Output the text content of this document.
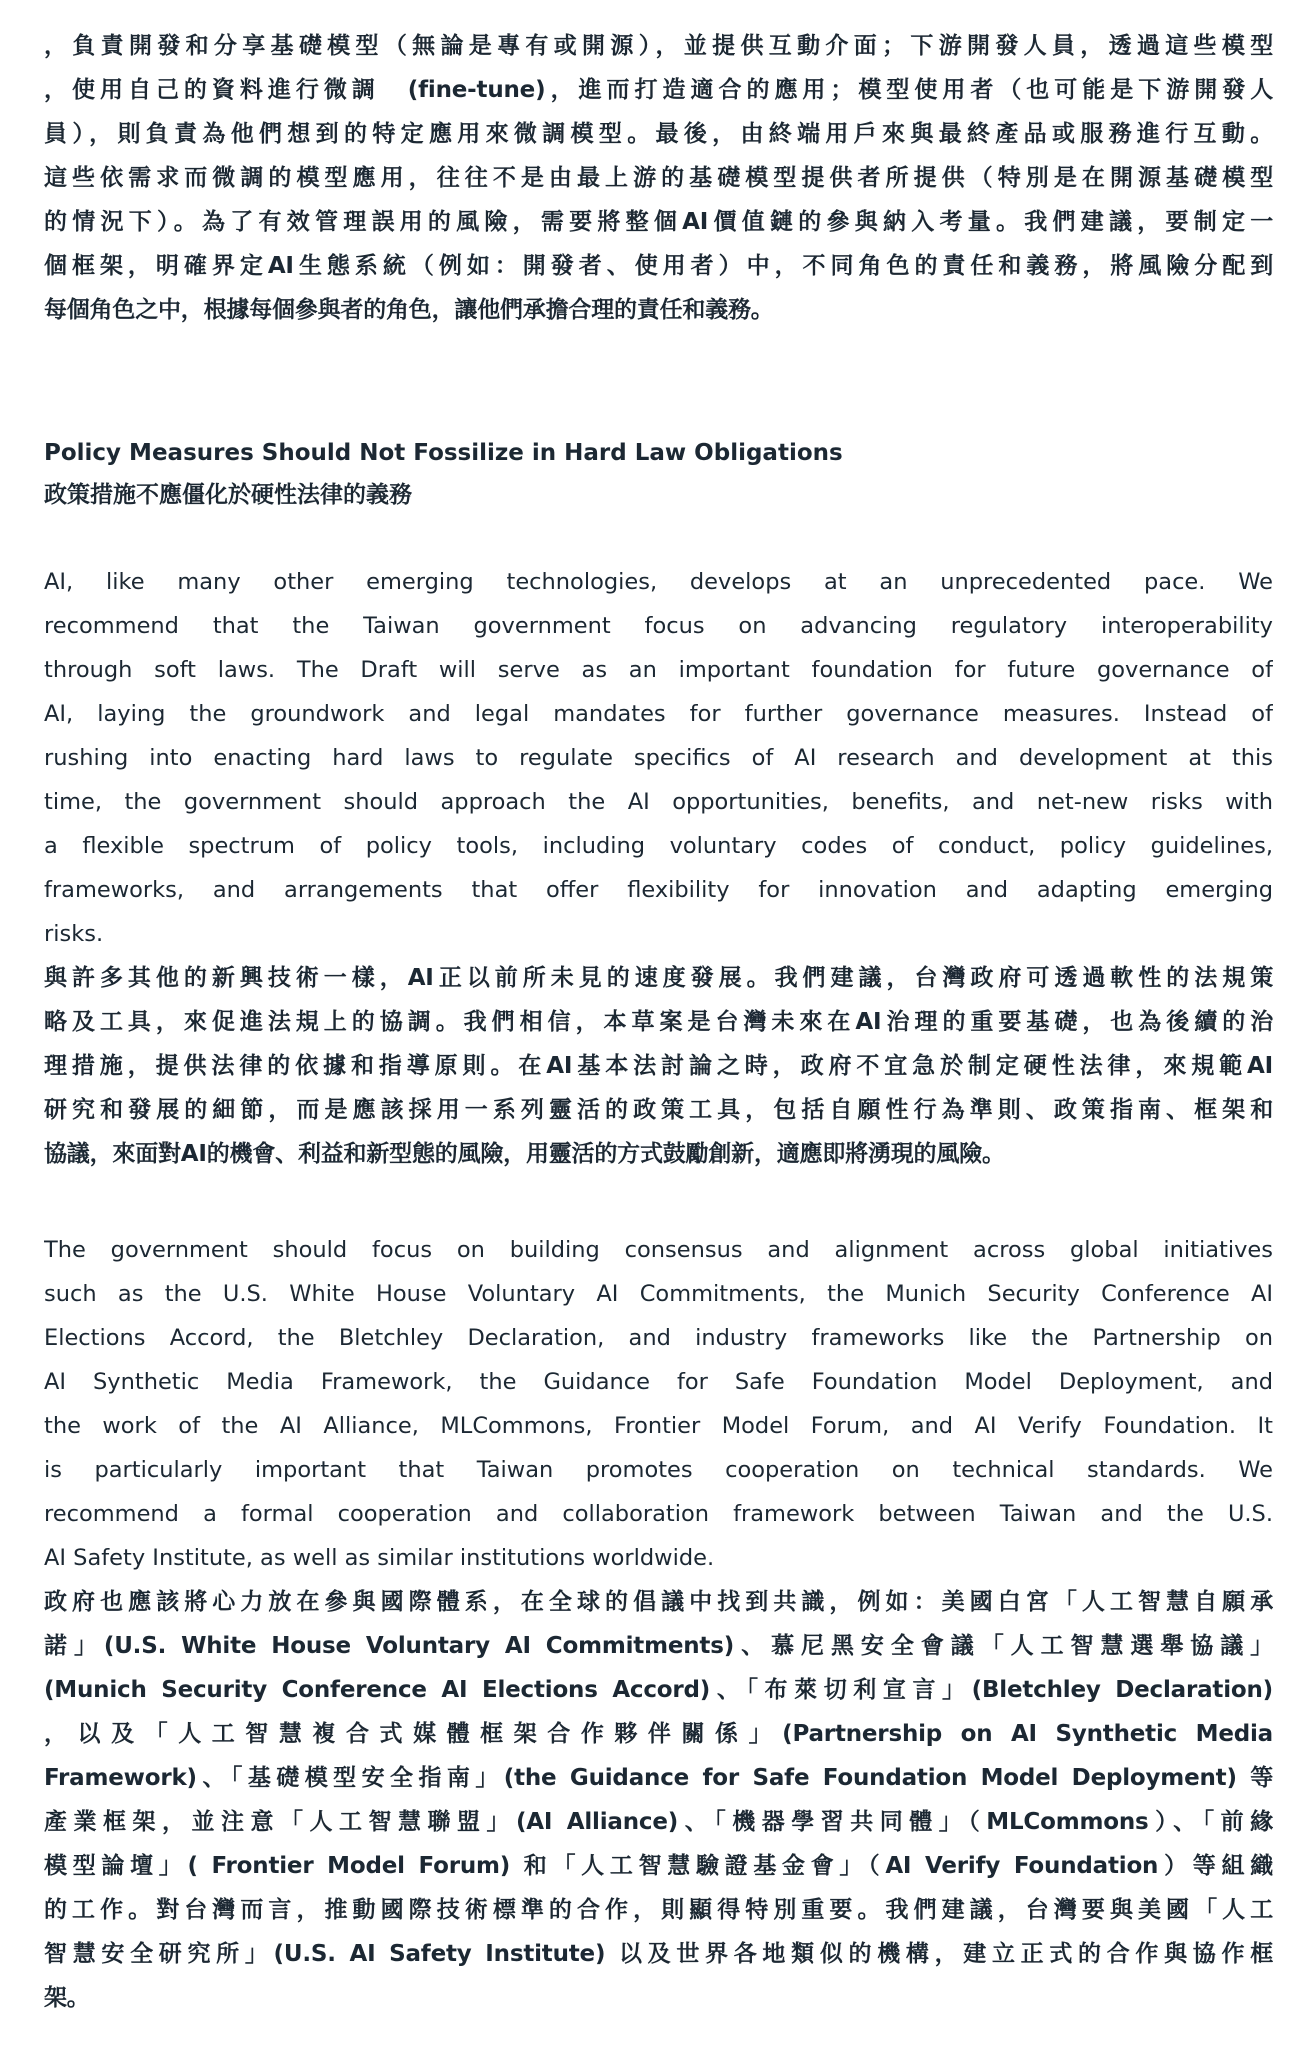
，負責開發和分享基礎模型（無論是專有或開源），並提供互動介面；下游開發人員，透過這些模型
，使用自己的資料進行微調　(fine-tune)，進而打造適合的應用；模型使用者（也可能是下游開發人
員），則負責為他們想到的特定應用來微調模型。最後，由終端用戶來與最終產品或服務進行互動。
這些依需求而微調的模型應用，往往不是由最上游的基礎模型提供者所提供（特別是在開源基礎模型
的情況下）。為了有效管理誤用的風險，需要將整個AI價值鏈的參與納入考量。我們建議，要制定一
個框架，明確界定AI生態系統（例如：開發者、使用者）中，不同角色的責任和義務，將風險分配到
每個角色之中，根據每個參與者的角色，讓他們承擔合理的責任和義務。
Policy Measures Should Not Fossilize in Hard Law Obligations
政策措施不應僵化於硬性法律的義務
AI, like many other emerging technologies, develops at an unprecedented pace. We
recommend that the Taiwan government focus on advancing regulatory interoperability
through soft laws. The Draft will serve as an important foundation for future governance of
AI, laying the groundwork and legal mandates for further governance measures. Instead of
rushing into enacting hard laws to regulate specifics of AI research and development at this
time, the government should approach the AI opportunities, benefits, and net-new risks with
a flexible spectrum of policy tools, including voluntary codes of conduct, policy guidelines,
frameworks, and arrangements that offer flexibility for innovation and adapting emerging
risks.
與許多其他的新興技術一樣，AI正以前所未見的速度發展。我們建議，台灣政府可透過軟性的法規策
略及工具，來促進法規上的協調。我們相信，本草案是台灣未來在AI治理的重要基礎，也為後續的治
理措施，提供法律的依據和指導原則。在AI基本法討論之時，政府不宜急於制定硬性法律，來規範AI
研究和發展的細節，而是應該採用一系列靈活的政策工具，包括自願性行為準則、政策指南、框架和
協議，來面對AI的機會、利益和新型態的風險，用靈活的方式鼓勵創新，適應即將湧現的風險。
The government should focus on building consensus and alignment across global initiatives
such as the U.S. White House Voluntary AI Commitments, the Munich Security Conference AI
Elections Accord, the Bletchley Declaration, and industry frameworks like the Partnership on
AI Synthetic Media Framework, the Guidance for Safe Foundation Model Deployment, and
the work of the AI Alliance, MLCommons, Frontier Model Forum, and AI Verify Foundation. It
is particularly important that Taiwan promotes cooperation on technical standards. We
recommend a formal cooperation and collaboration framework between Taiwan and the U.S.
AI Safety Institute, as well as similar institutions worldwide.
政府也應該將心力放在參與國際體系，在全球的倡議中找到共識，例如：美國白宮「人工智慧自願承
諾」(U.S. White House Voluntary AI Commitments)、慕尼黑安全會議「人工智慧選舉協議」
(Munich Security Conference AI Elections Accord)、「布萊切利宣言」(Bletchley Declaration)
，以及「人工智慧複合式媒體框架合作夥伴關係」(Partnership on AI Synthetic Media
Framework)、「基礎模型安全指南」(the Guidance for Safe Foundation Model Deployment) 等
產業框架，並注意「人工智慧聯盟」(AI Alliance)、「機器學習共同體」（MLCommons）、「前緣
模型論壇」( Frontier Model Forum) 和「人工智慧驗證基金會」（AI Verify Foundation）等組織
的工作。對台灣而言，推動國際技術標準的合作，則顯得特別重要。我們建議，台灣要與美國「人工
智慧安全研究所」(U.S. AI Safety Institute) 以及世界各地類似的機構，建立正式的合作與協作框
架。
